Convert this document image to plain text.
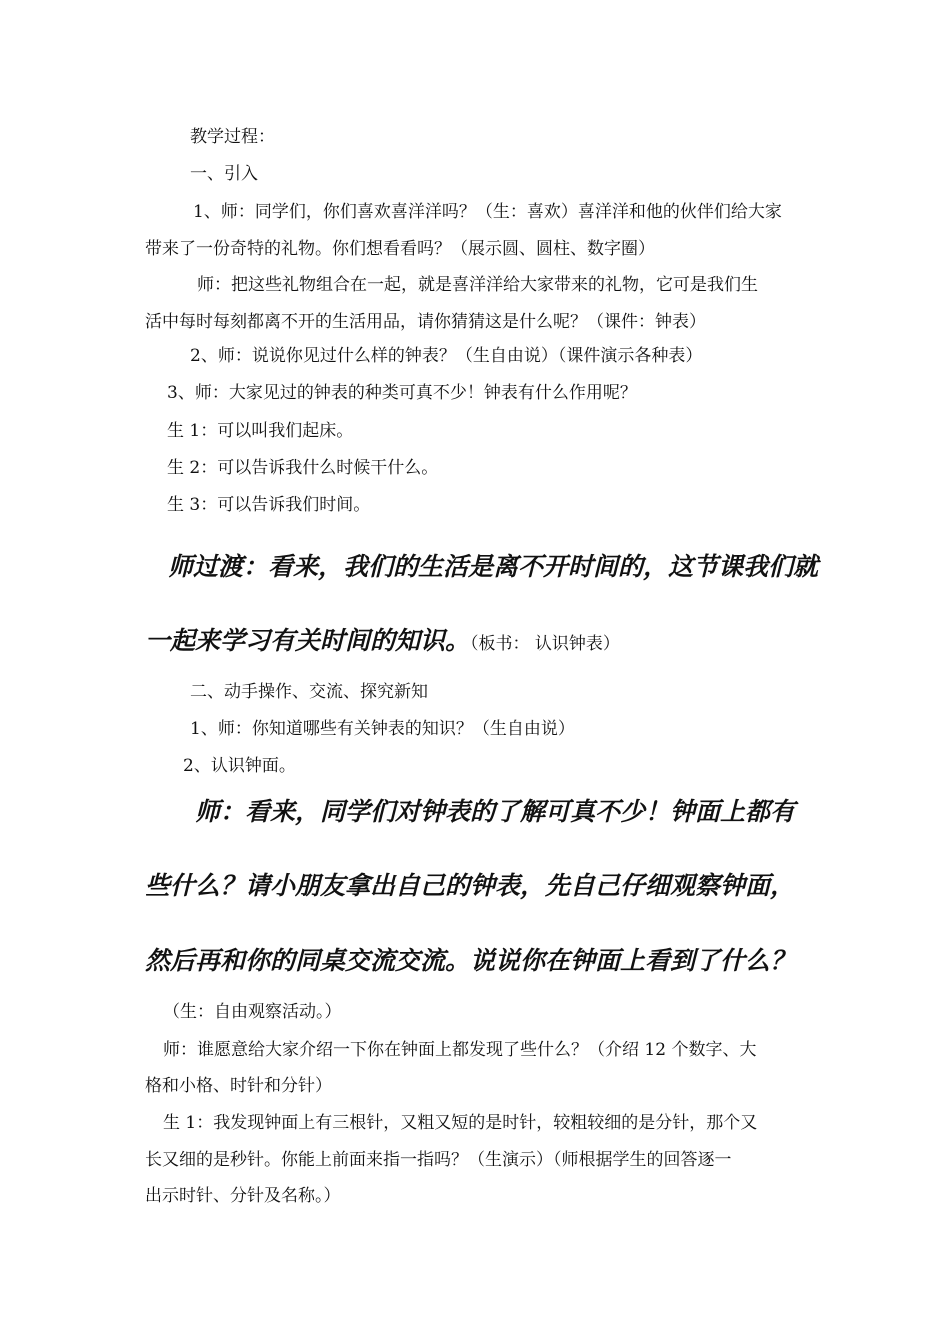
教学过程：
一、引入
1、师：同学们，你们喜欢喜洋洋吗？（生：喜欢）喜洋洋和他的伙伴们给大家
带来了一份奇特的礼物。你们想看看吗？（展示圆、圆柱、数字圈）
师：把这些礼物组合在一起，就是喜洋洋给大家带来的礼物，它可是我们生
活中每时每刻都离不开的生活用品，请你猜猜这是什么呢？（课件：钟表）
2、师：说说你见过什么样的钟表？（生自由说）（课件演示各种表）
3、师：大家见过的钟表的种类可真不少！钟表有什么作用呢？
生 1：可以叫我们起床。
生 2：可以告诉我什么时候干什么。
生 3：可以告诉我们时间。
师过渡：看来，我们的生活是离不开时间的，这节课我们就
一起来学习有关时间的知识。（板书： 认识钟表）
二、动手操作、交流、探究新知
1、师：你知道哪些有关钟表的知识？（生自由说）
2、认识钟面。
师：看来，同学们对钟表的了解可真不少！钟面上都有
些什么？请小朋友拿出自己的钟表，先自己仔细观察钟面，
然后再和你的同桌交流交流。说说你在钟面上看到了什么？
（生：自由观察活动。）
师：谁愿意给大家介绍一下你在钟面上都发现了些什么？（介绍 12 个数字、大
格和小格、时针和分针）
生 1：我发现钟面上有三根针，又粗又短的是时针，较粗较细的是分针，那个又
长又细的是秒针。你能上前面来指一指吗？（生演示）（师根据学生的回答逐一
出示时针、分针及名称。）
